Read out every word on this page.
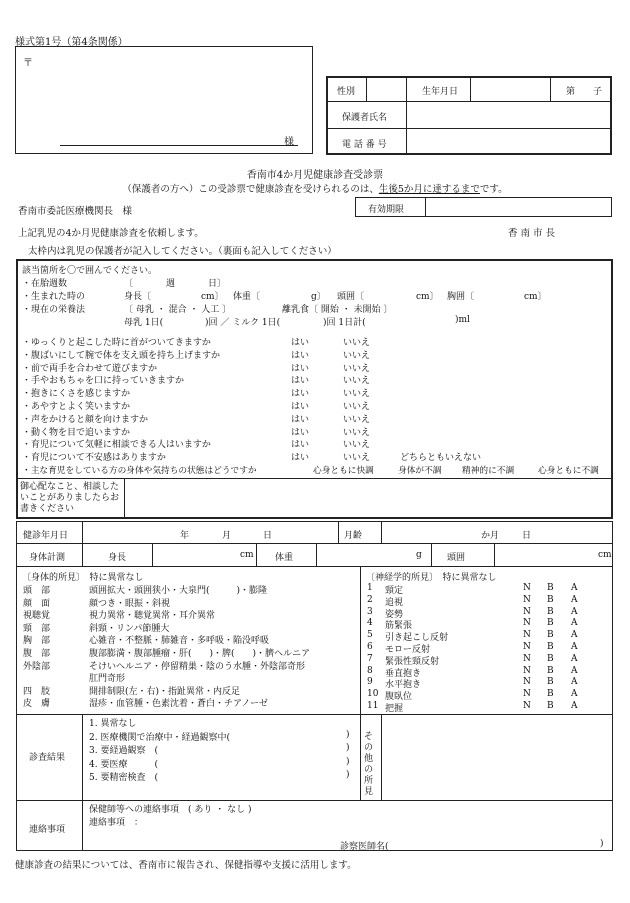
様式第1号（第4条関係）
〒
様
性別	生年月日	第　　子
保護者氏名
電 話 番 号
香南市4か月児健康診査受診票
（保護者の方へ）この受診票で健康診査を受けられるのは、生後5か月に達するまでです。
香南市委託医療機関長　様	有効期限
上記乳児の4か月児健康診査を依頼します。	香 南 市 長
太枠内は乳児の保護者が記入してください。（裏面も記入してください）
該当箇所を〇で囲んでください。
・在胎週数	〔	週	日〕
・生まれた時の	身長〔	cm〕 体重〔	g〕 頭囲〔	cm〕 胸囲〔	cm〕
・現在の栄養法	〔 母乳 ・ 混合 ・ 人工 〕	離乳食〔 開始 ・ 未開始 〕
母乳 1日(	)回 ／ ミルク 1日(	)回 1日計(	)ml
・ゆっくりと起こした時に首がついてきますか	はい	いいえ
・腹ばいにして腕で体を支え頭を持ち上げますか	はい	いいえ
・前で両手を合わせて遊びますか	はい	いいえ
・手やおもちゃを口に持っていきますか	はい	いいえ
・抱きにくさを感じますか	はい	いいえ
・あやすとよく笑いますか	はい	いいえ
・声をかけると顔を向けますか	はい	いいえ
・動く物を目で追いますか	はい	いいえ
・育児について気軽に相談できる人はいますか	はい	いいえ
・育児について不安感はありますか	はい	いいえ	どちらともいえない
・主な育児をしている方の身体や気持ちの状態はどうですか	心身ともに快調	身体が不調 精神的に不調	心身ともに不調
御心配なこと、相談したいことがありましたらお書きください
健診年月日	年	月	日	月齢	か月	日
身体計測	身長	cm 体重	g	頭囲	cm
〔身体的所見〕　特に異常なし
頭　部	頭囲拡大・頭囲狭小・大泉門(　　　)・膨隆
顔　面	顔つき・眼振・斜視
視聴覚	視力異常・聴覚異常・耳介異常
頸　部	斜頸・リンパ節腫大
胸　部	心雑音・不整脈・肺雑音・多呼吸・陥没呼吸
腹　部	腹部膨満・腹部腫瘤・肝(　　)・脾(　　)・臍ヘルニア
外陰部	そけいヘルニア・停留精巣・陰のう水腫・外陰部奇形
肛門奇形
四　肢	開排制限(左・右)・指趾異常・内反足
皮　膚	湿疹・血管腫・色素沈着・蒼白・チアノーゼ
〔神経学的所見〕　特に異常なし
1 頸定	N B A
2 追視	N B A
3 姿勢	N B A
4 筋緊張	N B A
5 引き起こし反射	N B A
6 モロー反射	N B A
7 緊張性頸反射	N B A
8 垂直抱き	N B A
9 水平抱き	N B A
10 腹臥位	N B A
11 把握	N B A
診査結果
1. 異常なし
2. 医療機関で治療中・経過観察中(	)
3. 要経過観察　(	)
4. 要医療　　　(	)
5. 要精密検査　(	)
その他の所見
連絡事項
保健師等への連絡事項　( あり ・ なし )
連絡事項　：
診察医師名(	)
健康診査の結果については、香南市に報告され、保健指導や支援に活用します。
